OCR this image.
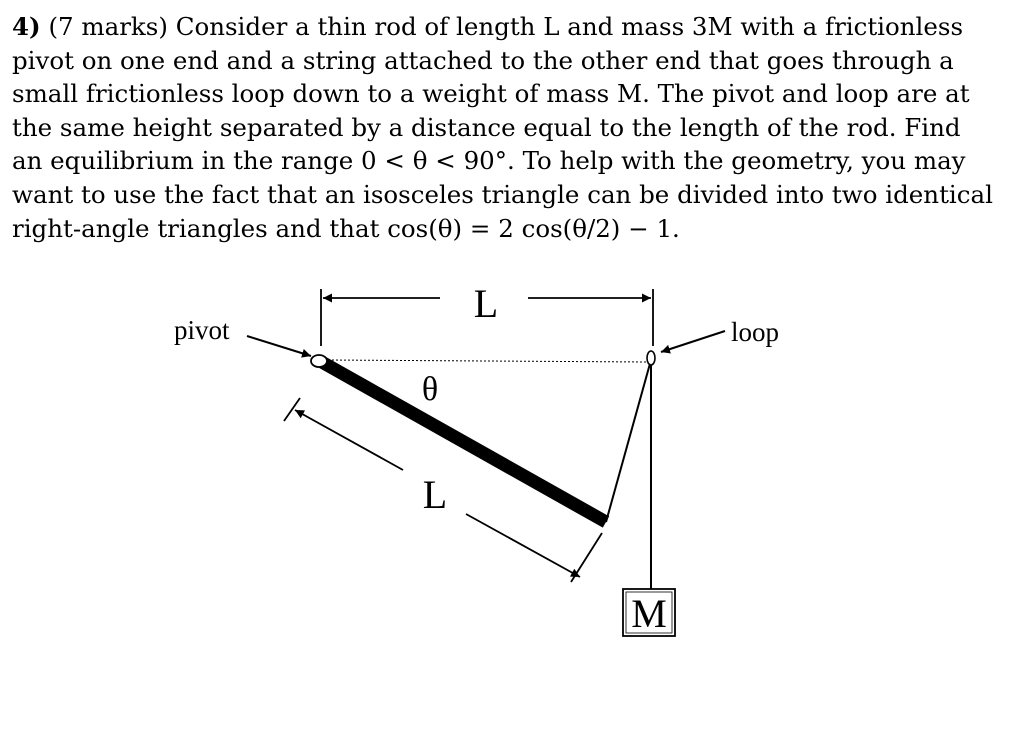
4) (7 marks) Consider a thin rod of length L and mass 3M with a frictionless
pivot on one end and a string attached to the other end that goes through a
small frictionless loop down to a weight of mass M. The pivot and loop are at
the same height separated by a distance equal to the length of the rod. Find
an equilibrium in the range 0 < θ < 90°. To help with the geometry, you may
want to use the fact that an isosceles triangle can be divided into two identical
right-angle triangles and that cos(θ) = 2 cos(θ/2) − 1.
L
pivot
θ
L
loop
M
